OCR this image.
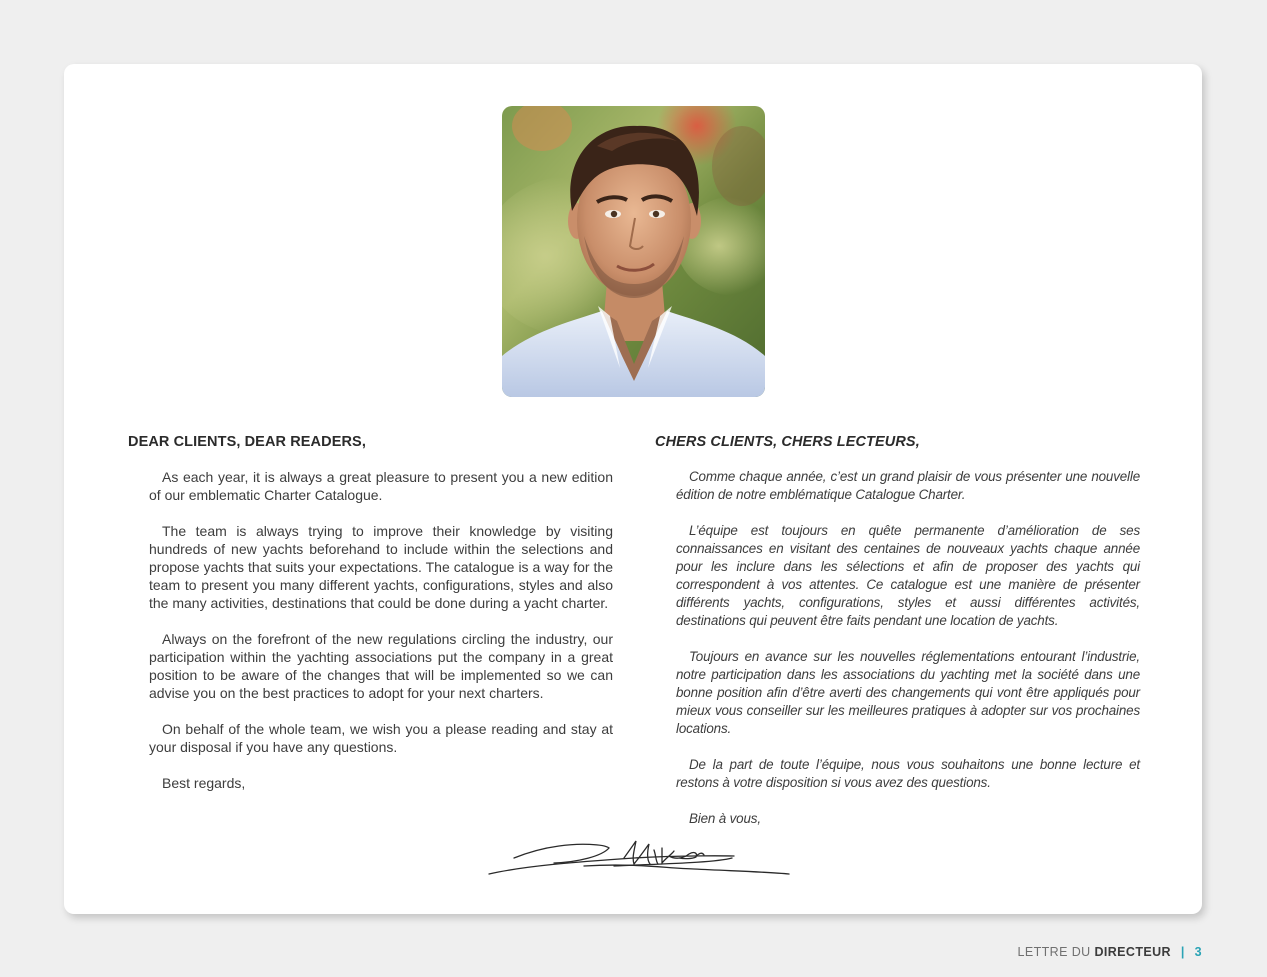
DEAR CLIENTS, DEAR READERS,

As each year, it is always a great pleasure to present you a new edition of our emblematic Charter Catalogue.

The team is always trying to improve their knowledge by visiting hundreds of new yachts beforehand to include within the selections and propose yachts that suits your expectations. The catalogue is a way for the team to present you many different yachts, configurations, styles and also the many activities, destinations that could be done during a yacht charter.

Always on the forefront of the new regulations circling the industry, our participation within the yachting associations put the company in a great position to be aware of the changes that will be implemented so we can advise you on the best practices to adopt for your next charters.

On behalf of the whole team, we wish you a please reading and stay at your disposal if you have any questions.

Best regards,

CHERS CLIENTS, CHERS LECTEURS,

Comme chaque année, c’est un grand plaisir de vous présenter une nouvelle édition de notre emblématique Catalogue Charter.

L’équipe est toujours en quête permanente d’amélioration de ses connaissances en visitant des centaines de nouveaux yachts chaque année pour les inclure dans les sélections et afin de proposer des yachts qui correspondent à vos attentes. Ce catalogue est une manière de présenter différents yachts, configurations, styles et aussi différentes activités, destinations qui peuvent être faits pendant une location de yachts.

Toujours en avance sur les nouvelles réglementations entourant l’industrie, notre participation dans les associations du yachting met la société dans une bonne position afin d’être averti des changements qui vont être appliqués pour mieux vous conseiller sur les meilleures pratiques à adopter sur vos prochaines locations.

De la part de toute l’équipe, nous vous souhaitons une bonne lecture et restons à votre disposition si vous avez des questions.

Bien à vous,

LETTRE DU DIRECTEUR | 3
